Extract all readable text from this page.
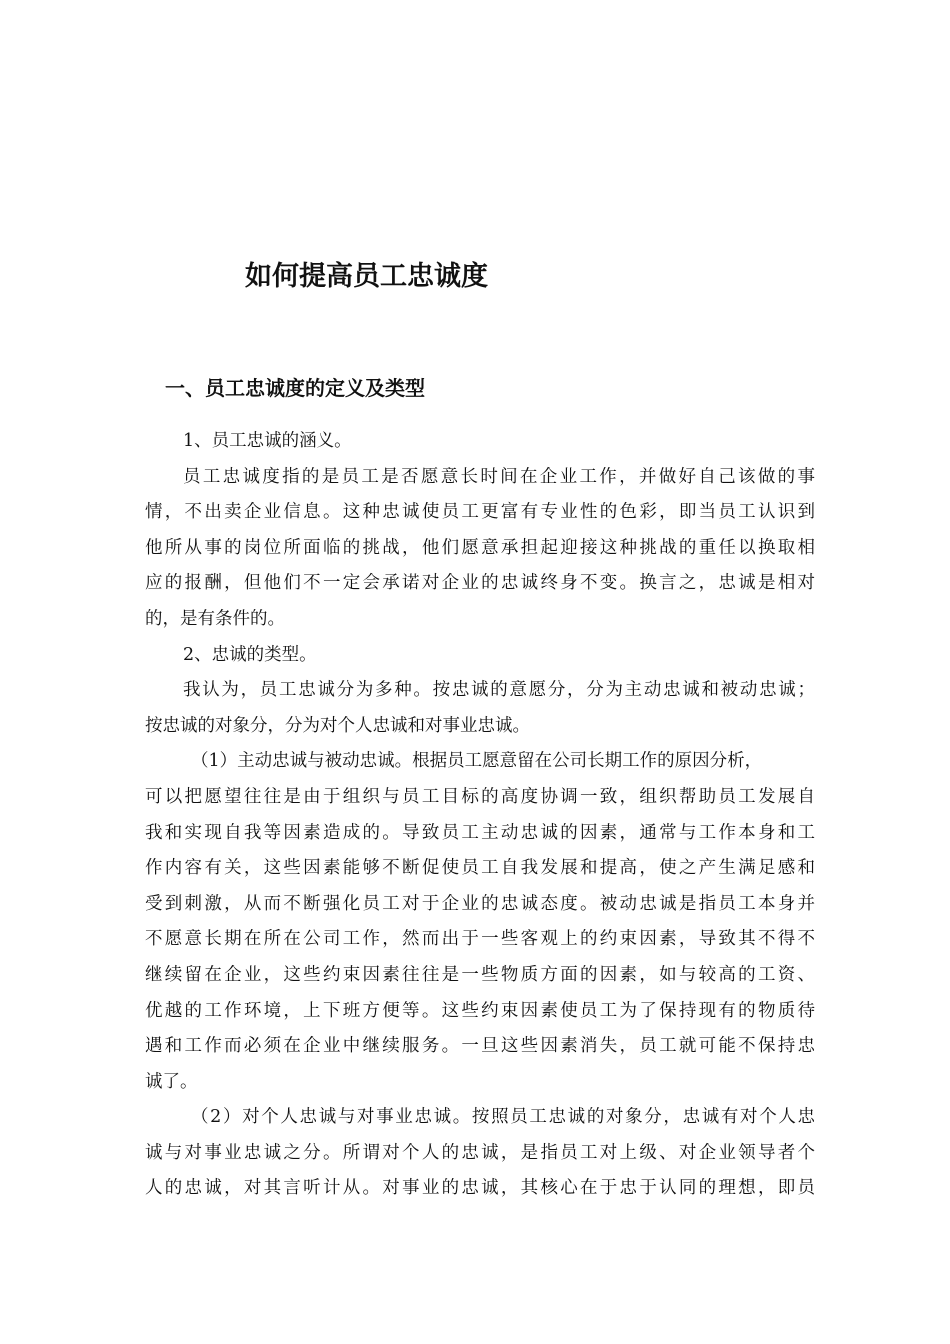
如何提高员工忠诚度
一、员工忠诚度的定义及类型
1、员工忠诚的涵义。
员工忠诚度指的是员工是否愿意长时间在企业工作，并做好自己该做的事
情，不出卖企业信息。这种忠诚使员工更富有专业性的色彩，即当员工认识到
他所从事的岗位所面临的挑战，他们愿意承担起迎接这种挑战的重任以换取相
应的报酬，但他们不一定会承诺对企业的忠诚终身不变。换言之，忠诚是相对
的，是有条件的。
2、忠诚的类型。
我认为，员工忠诚分为多种。按忠诚的意愿分，分为主动忠诚和被动忠诚；
按忠诚的对象分，分为对个人忠诚和对事业忠诚。
（1）主动忠诚与被动忠诚。根据员工愿意留在公司长期工作的原因分析，
可以把愿望往往是由于组织与员工目标的高度协调一致，组织帮助员工发展自
我和实现自我等因素造成的。导致员工主动忠诚的因素，通常与工作本身和工
作内容有关，这些因素能够不断促使员工自我发展和提高，使之产生满足感和
受到刺激，从而不断强化员工对于企业的忠诚态度。被动忠诚是指员工本身并
不愿意长期在所在公司工作，然而出于一些客观上的约束因素，导致其不得不
继续留在企业，这些约束因素往往是一些物质方面的因素，如与较高的工资、
优越的工作环境，上下班方便等。这些约束因素使员工为了保持现有的物质待
遇和工作而必须在企业中继续服务。一旦这些因素消失，员工就可能不保持忠
诚了。
（2）对个人忠诚与对事业忠诚。按照员工忠诚的对象分，忠诚有对个人忠
诚与对事业忠诚之分。所谓对个人的忠诚，是指员工对上级、对企业领导者个
人的忠诚，对其言听计从。对事业的忠诚，其核心在于忠于认同的理想，即员
